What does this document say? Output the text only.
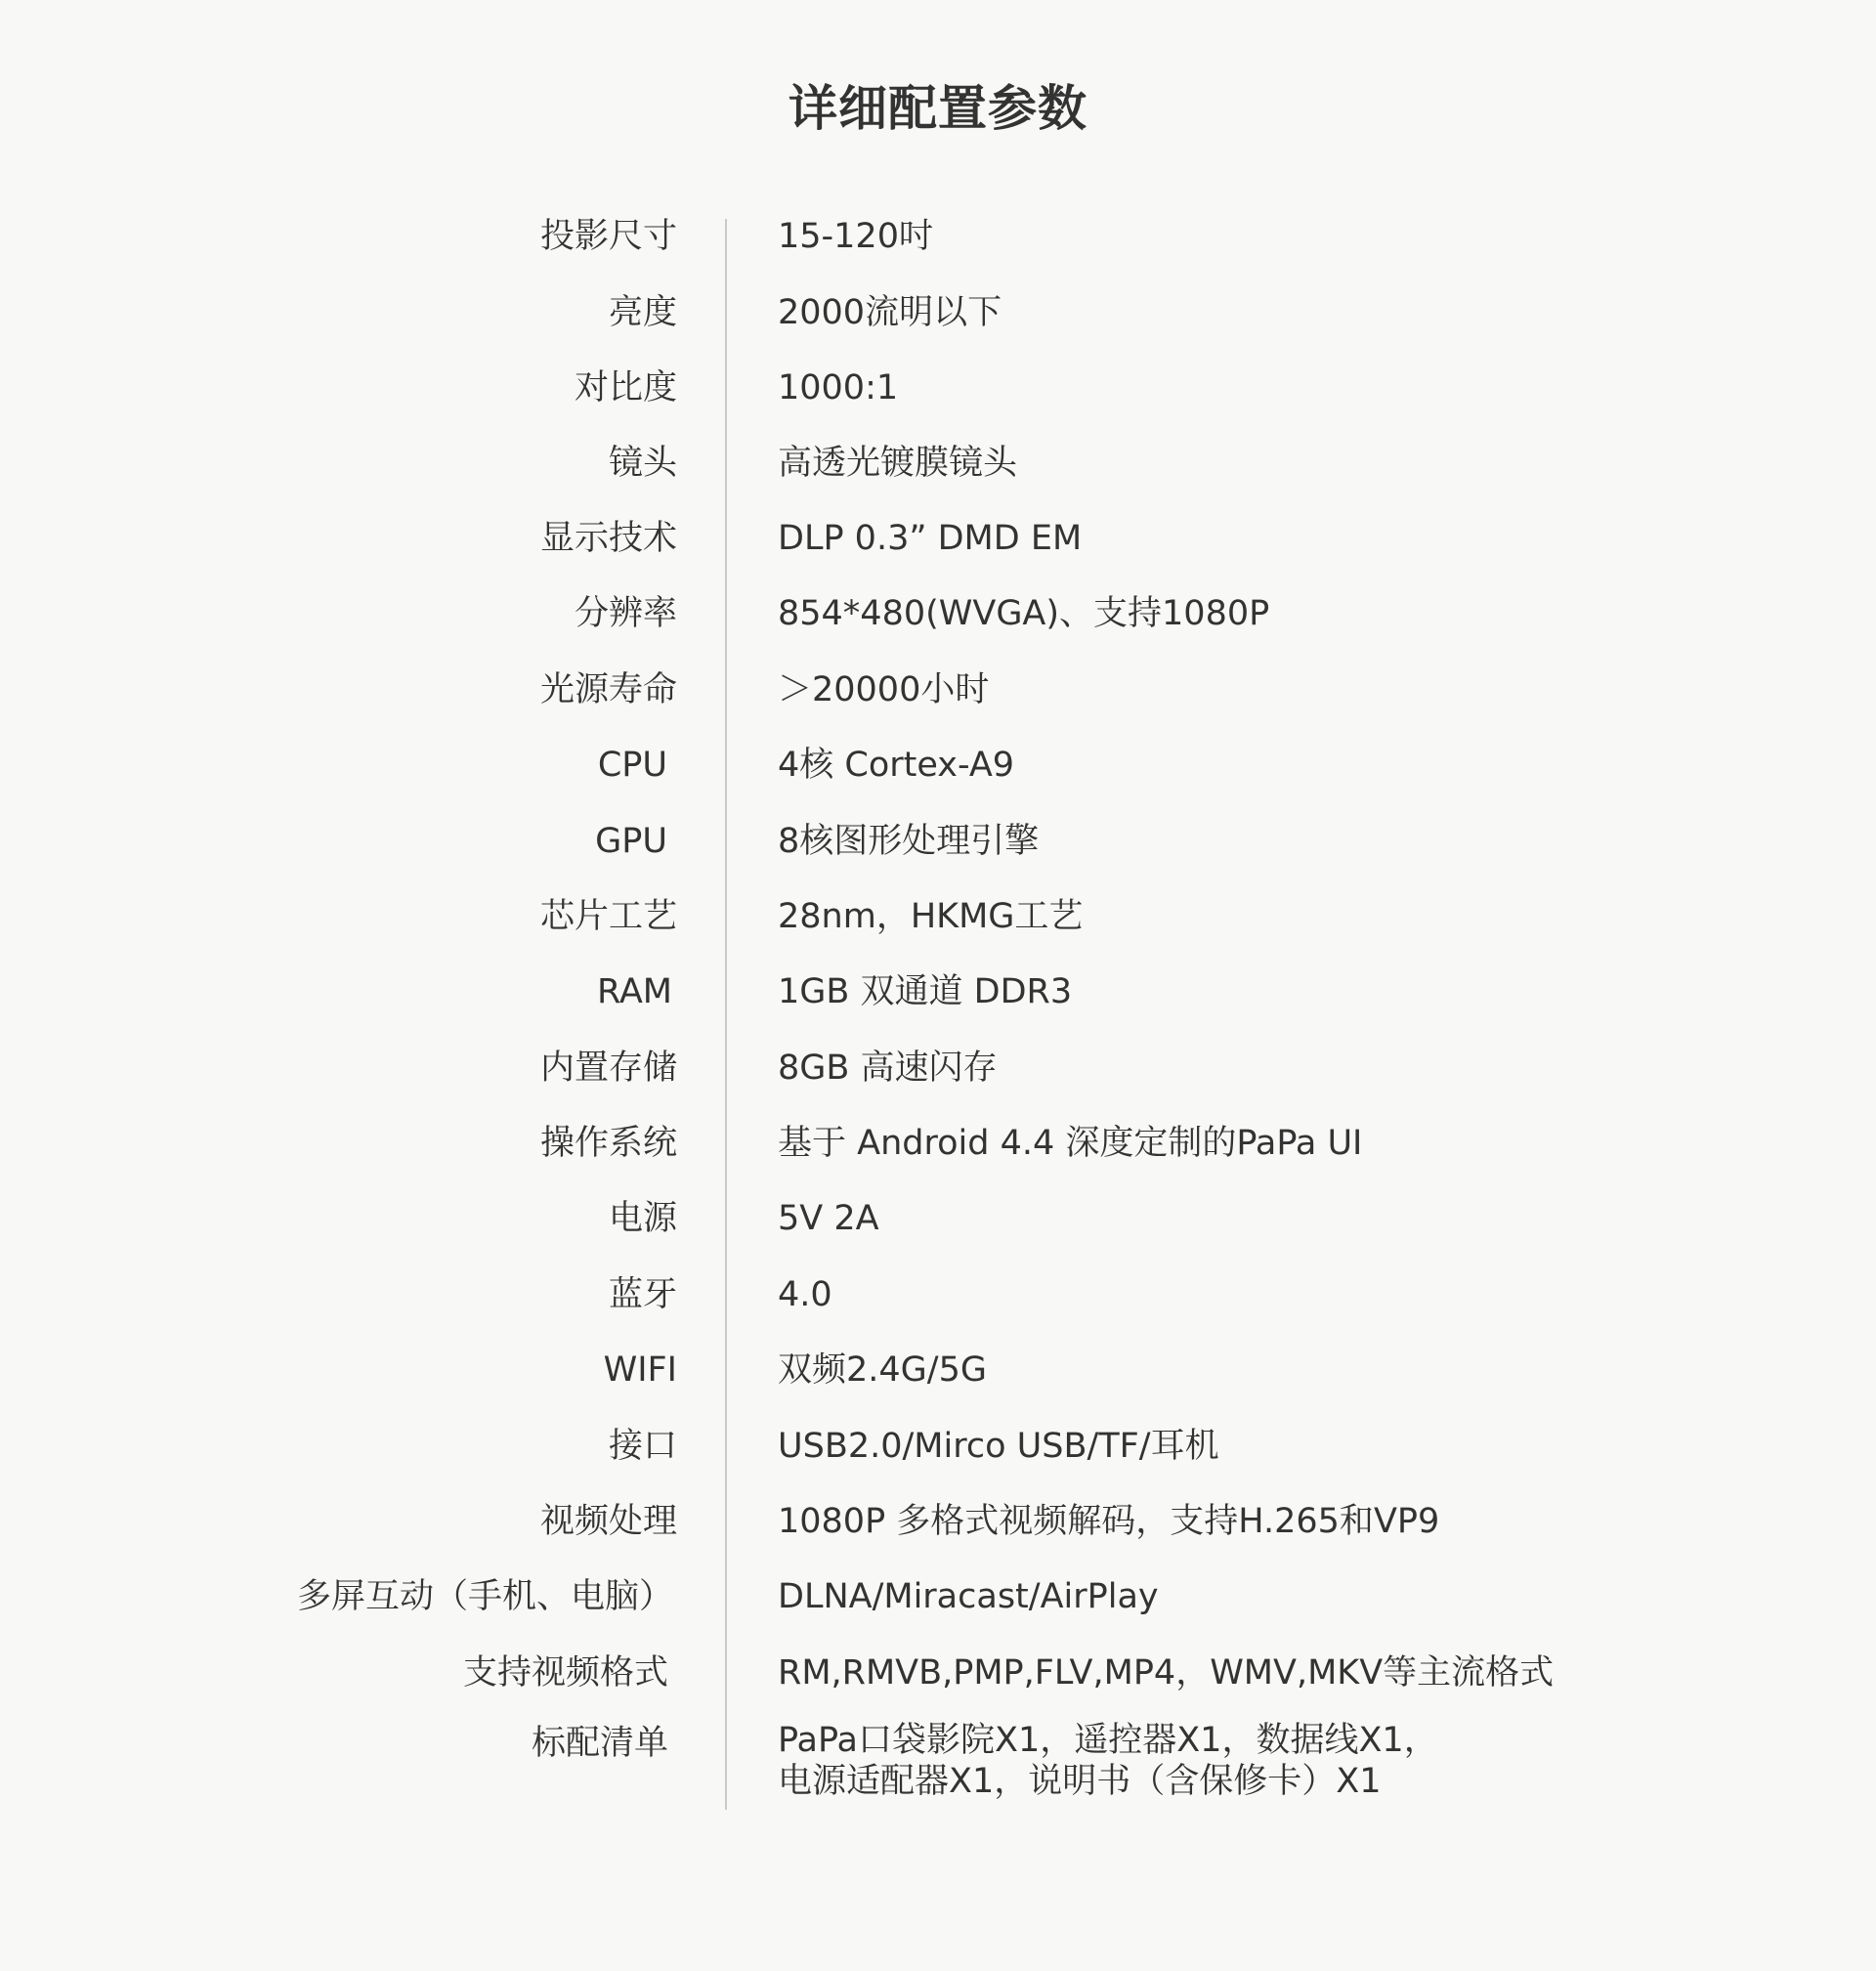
详细配置参数
投影尺寸	15-120吋
亮度	2000流明以下
对比度	1000:1
镜头	高透光镀膜镜头
显示技术	DLP 0.3” DMD EM
分辨率	854*480(WVGA)、支持1080P
光源寿命	＞20000小时
CPU	4核 Cortex-A9
GPU	8核图形处理引擎
芯片工艺	28nm，HKMG工艺
RAM	1GB 双通道 DDR3
内置存储	8GB 高速闪存
操作系统	基于 Android 4.4 深度定制的PaPa UI
电源	5V 2A
蓝牙	4.0
WIFI	双频2.4G/5G
接口	USB2.0/Mirco USB/TF/耳机
视频处理	1080P 多格式视频解码，支持H.265和VP9
多屏互动（手机、电脑）	DLNA/Miracast/AirPlay
支持视频格式	RM,RMVB,PMP,FLV,MP4，WMV,MKV等主流格式
标配清单	PaPa口袋影院X1，遥控器X1，数据线X1，
电源适配器X1，说明书（含保修卡）X1
